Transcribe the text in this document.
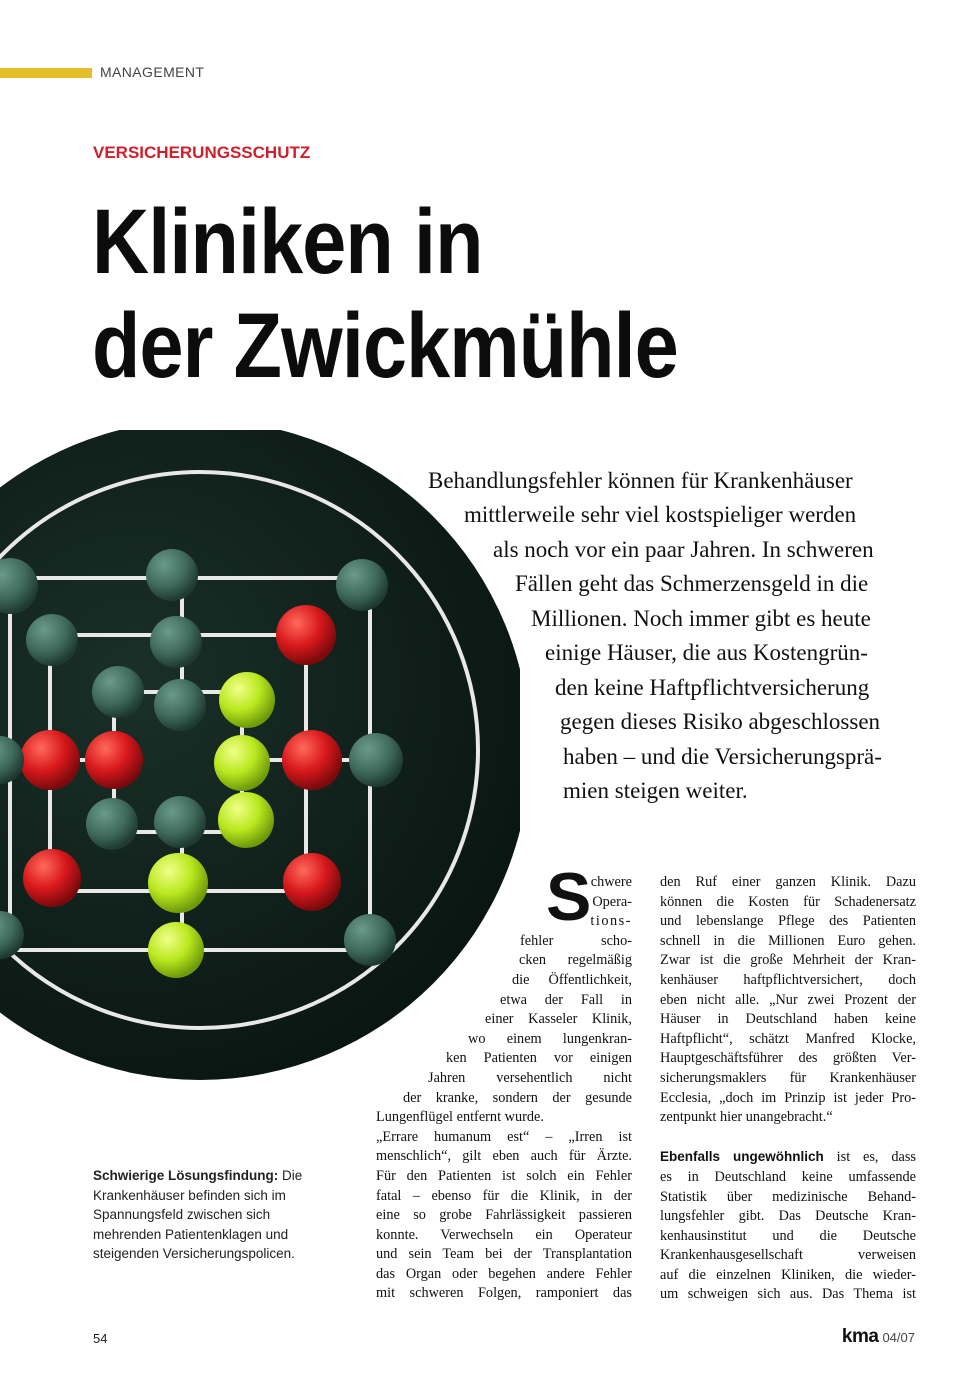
MANAGEMENT
VERSICHERUNGSSCHUTZ
Kliniken in
der Zwickmühle
Behandlungsfehler können für Krankenhäuser
mittlerweile sehr viel kostspieliger werden
als noch vor ein paar Jahren. In schweren
Fällen geht das Schmerzensgeld in die
Millionen. Noch immer gibt es heute
einige Häuser, die aus Kostengrün-
den keine Haftpflichtversicherung
gegen dieses Risiko abgeschlossen
haben – und die Versicherungsprä-
mien steigen weiter.
Schwierige Lösungsfindung: Die Krankenhäuser befinden sich im Spannungsfeld zwischen sich mehrenden Patientenklagen und steigenden Versicherungspolicen.
S chwere
Opera-
tions-
fehler scho-
cken regelmäßig
die Öffentlichkeit,
etwa der Fall in
einer Kasseler Klinik,
wo einem lungenkran-
ken Patienten vor einigen
Jahren versehentlich nicht
der kranke, sondern der gesunde
Lungenflügel entfernt wurde.
„Errare humanum est“ – „Irren ist
menschlich“, gilt eben auch für Ärzte.
Für den Patienten ist solch ein Fehler
fatal – ebenso für die Klinik, in der
eine so grobe Fahrlässigkeit passieren
konnte. Verwechseln ein Operateur
und sein Team bei der Transplantation
das Organ oder begehen andere Fehler
mit schweren Folgen, ramponiert das
den Ruf einer ganzen Klinik. Dazu
können die Kosten für Schadenersatz
und lebenslange Pflege des Patienten
schnell in die Millionen Euro gehen.
Zwar ist die große Mehrheit der Kran-
kenhäuser haftpflichtversichert, doch
eben nicht alle. „Nur zwei Prozent der
Häuser in Deutschland haben keine
Haftpflicht“, schätzt Manfred Klocke,
Hauptgeschäftsführer des größten Ver-
sicherungsmaklers für Krankenhäuser
Ecclesia, „doch im Prinzip ist jeder Pro-
zentpunkt hier unangebracht.“
Ebenfalls ungewöhnlich ist es, dass
es in Deutschland keine umfassende
Statistik über medizinische Behand-
lungsfehler gibt. Das Deutsche Kran-
kenhausinstitut und die Deutsche
Krankenhausgesellschaft verweisen
auf die einzelnen Kliniken, die wieder-
um schweigen sich aus. Das Thema ist
54	kma 04/07
